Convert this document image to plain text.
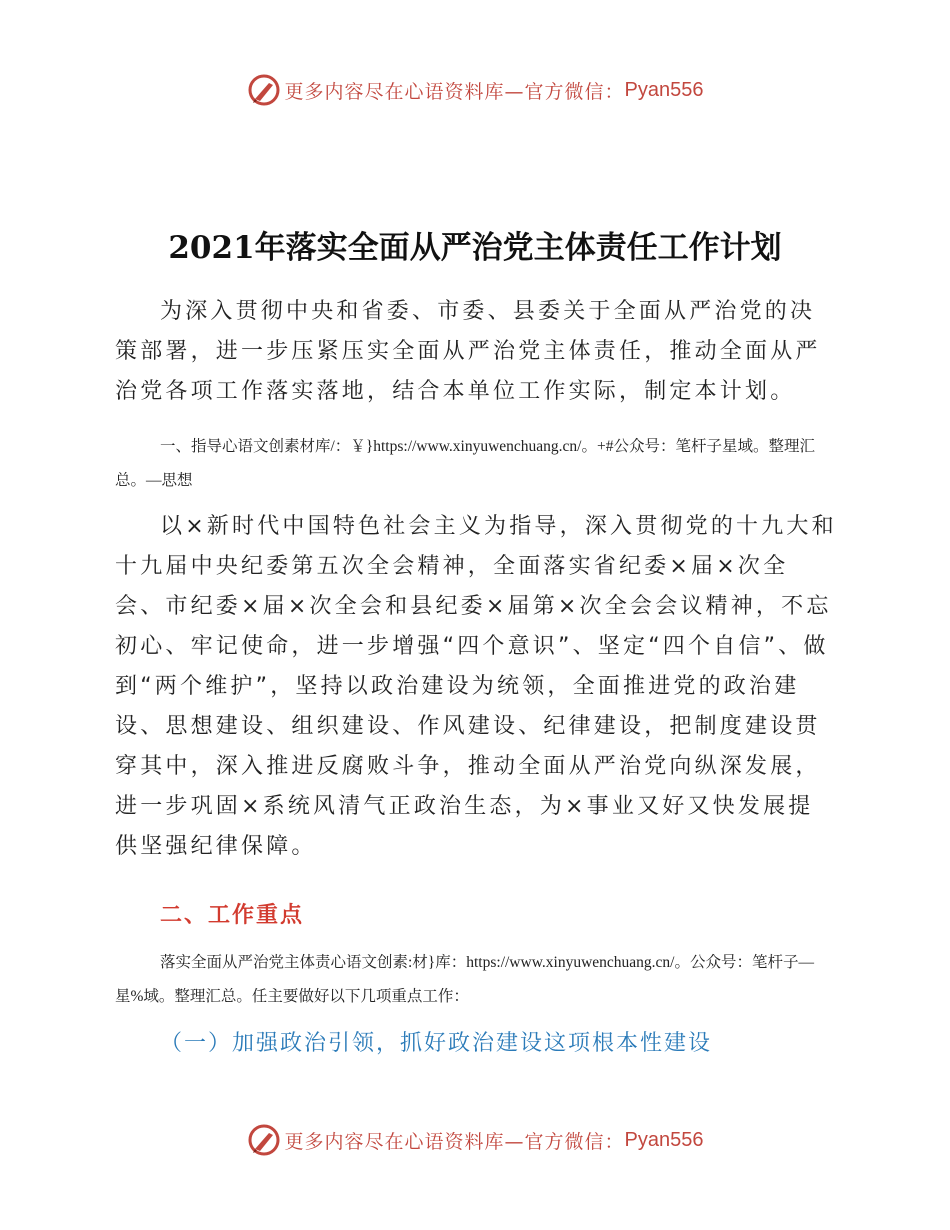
更多内容尽在心语资料库—官方微信： Pyan556
2021年落实全面从严治党主体责任工作计划

为深入贯彻中央和省委、市委、县委关于全面从严治党的决策部署，进一步压紧压实全面从严治党主体责任，推动全面从严治党各项工作落实落地，结合本单位工作实际，制定本计划。

一、指导心语文创素材库/：￥}https://www.xinyuwenchuang.cn/。+#公众号：笔杆子星域。整理汇总。—思想

以×新时代中国特色社会主义为指导，深入贯彻党的十九大和十九届中央纪委第五次全会精神，全面落实省纪委×届×次全会、市纪委×届×次全会和县纪委×届第×次全会会议精神，不忘初心、牢记使命，进一步增强“四个意识”、坚定“四个自信”、做到“两个维护”，坚持以政治建设为统领，全面推进党的政治建设、思想建设、组织建设、作风建设、纪律建设，把制度建设贯穿其中，深入推进反腐败斗争，推动全面从严治党向纵深发展，进一步巩固×系统风清气正政治生态，为×事业又好又快发展提供坚强纪律保障。

二、工作重点

落实全面从严治党主体责心语文创素:材}库：https://www.xinyuwenchuang.cn/。公众号：笔杆子—星%域。整理汇总。任主要做好以下几项重点工作：

（一）加强政治引领，抓好政治建设这项根本性建设
更多内容尽在心语资料库—官方微信： Pyan556
